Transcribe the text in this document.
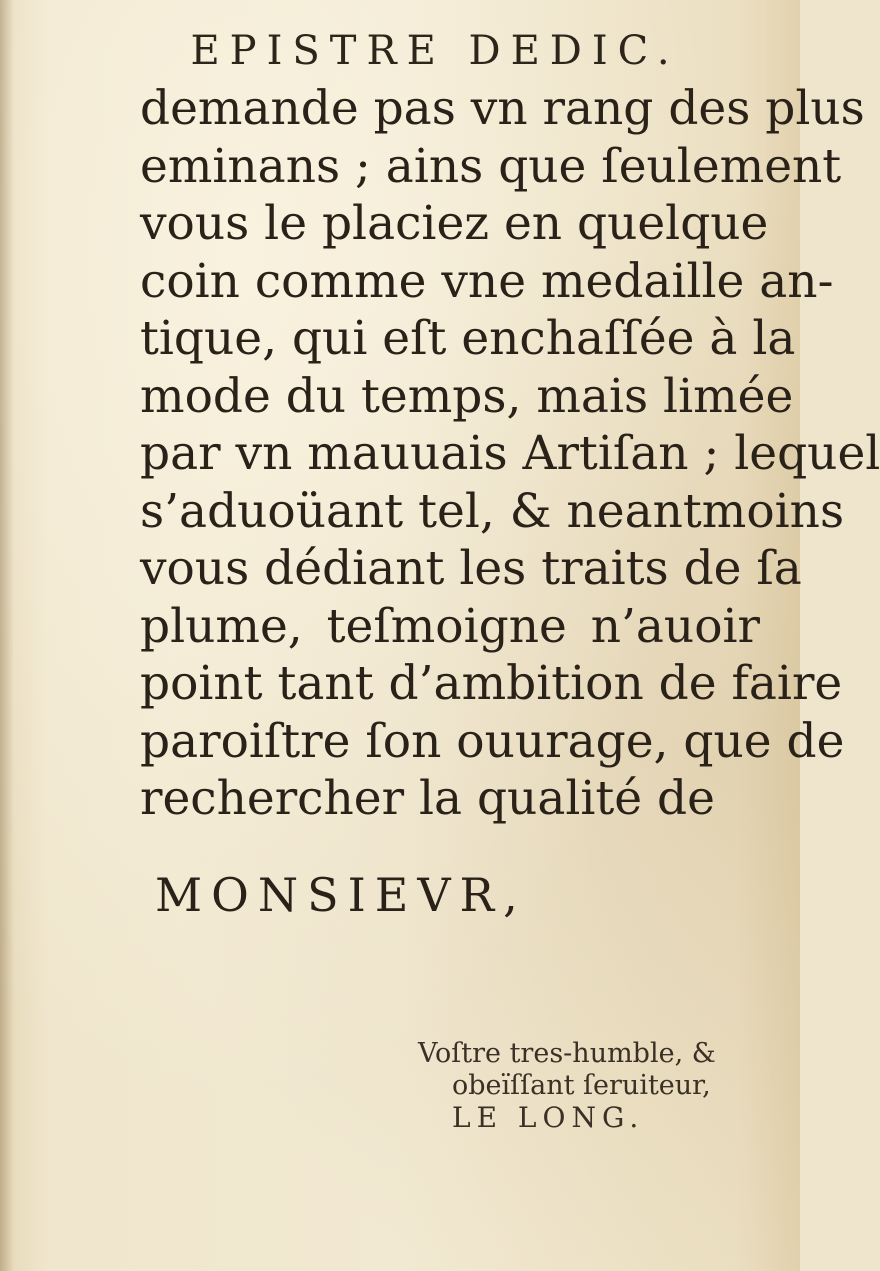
EPISTRE DEDIC.
demande pas vn rang des plus
eminans ; ains que ſeulement
vous le placiez en quelque
coin comme vne medaille an-
tique, qui eſt enchaſſée à la
mode du temps, mais limée
par vn mauuais Artiſan ; lequel
s’aduoüant tel, & neantmoins
vous dédiant les traits de ſa
plume, teſmoigne n’auoir
point tant d’ambition de faire
paroiſtre ſon ouurage, que de
rechercher la qualité de
MONSIEVR,
Voſtre tres-humble, &
obeïſſant ſeruiteur,
LE LONG.
